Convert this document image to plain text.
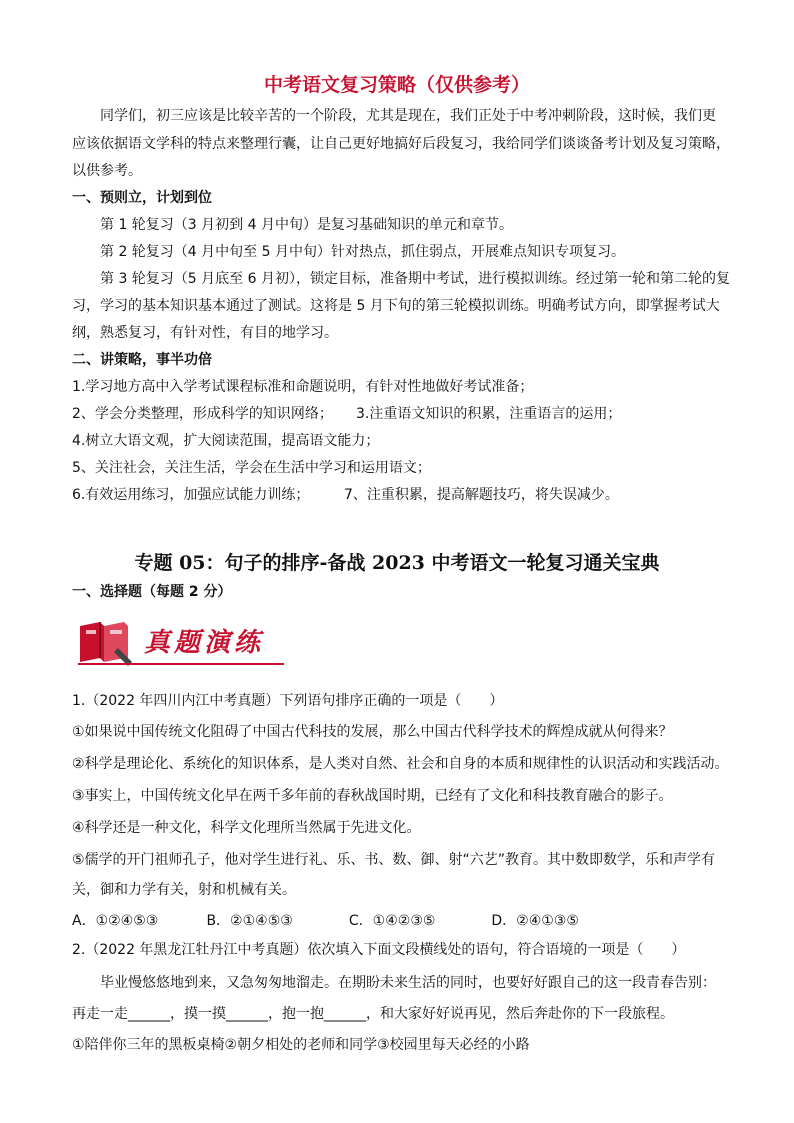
中考语文复习策略（仅供参考）
同学们，初三应该是比较辛苦的一个阶段，尤其是现在，我们正处于中考冲刺阶段，这时候，我们更
应该依据语文学科的特点来整理行囊，让自己更好地搞好后段复习，我给同学们谈谈备考计划及复习策略，
以供参考。
一、预则立，计划到位
第 1 轮复习（3 月初到 4 月中旬）是复习基础知识的单元和章节。
第 2 轮复习（4 月中旬至 5 月中旬）针对热点，抓住弱点，开展难点知识专项复习。
第 3 轮复习（5 月底至 6 月初），锁定目标，准备期中考试，进行模拟训练。经过第一轮和第二轮的复
习，学习的基本知识基本通过了测试。这将是 5 月下旬的第三轮模拟训练。明确考试方向，即掌握考试大
纲，熟悉复习，有针对性，有目的地学习。
二、讲策略，事半功倍
1.学习地方高中入学考试课程标准和命题说明，有针对性地做好考试准备；
2、学会分类整理，形成科学的知识网络； 3.注重语文知识的积累，注重语言的运用；
4.树立大语文观，扩大阅读范围，提高语文能力；
5、关注社会，关注生活，学会在生活中学习和运用语文；
6.有效运用练习，加强应试能力训练；	7、注重积累，提高解题技巧，将失误减少。
专题 05：句子的排序-备战 2023 中考语文一轮复习通关宝典
一、选择题（每题 2 分）
真题演练
1.（2022 年四川内江中考真题）下列语句排序正确的一项是（　　）
①如果说中国传统文化阻碍了中国古代科技的发展，那么中国古代科学技术的辉煌成就从何得来？
②科学是理论化、系统化的知识体系，是人类对自然、社会和自身的本质和规律性的认识活动和实践活动。
③事实上，中国传统文化早在两千多年前的春秋战国时期，已经有了文化和科技教育融合的影子。
④科学还是一种文化，科学文化理所当然属于先进文化。
⑤儒学的开门祖师孔子，他对学生进行礼、乐、书、数、御、射“六艺”教育。其中数即数学，乐和声学有
关，御和力学有关，射和机械有关。
A．①②④⑤③	B．②①④⑤③	C．①④②③⑤	D．②④①③⑤
2.（2022 年黑龙江牡丹江中考真题）依次填入下面文段横线处的语句，符合语境的一项是（　　）
毕业慢悠悠地到来，又急匆匆地溜走。在期盼未来生活的同时，也要好好跟自己的这一段青春告别：
再走一走______，摸一摸______，抱一抱______，和大家好好说再见，然后奔赴你的下一段旅程。
①陪伴你三年的黑板桌椅②朝夕相处的老师和同学③校园里每天必经的小路
